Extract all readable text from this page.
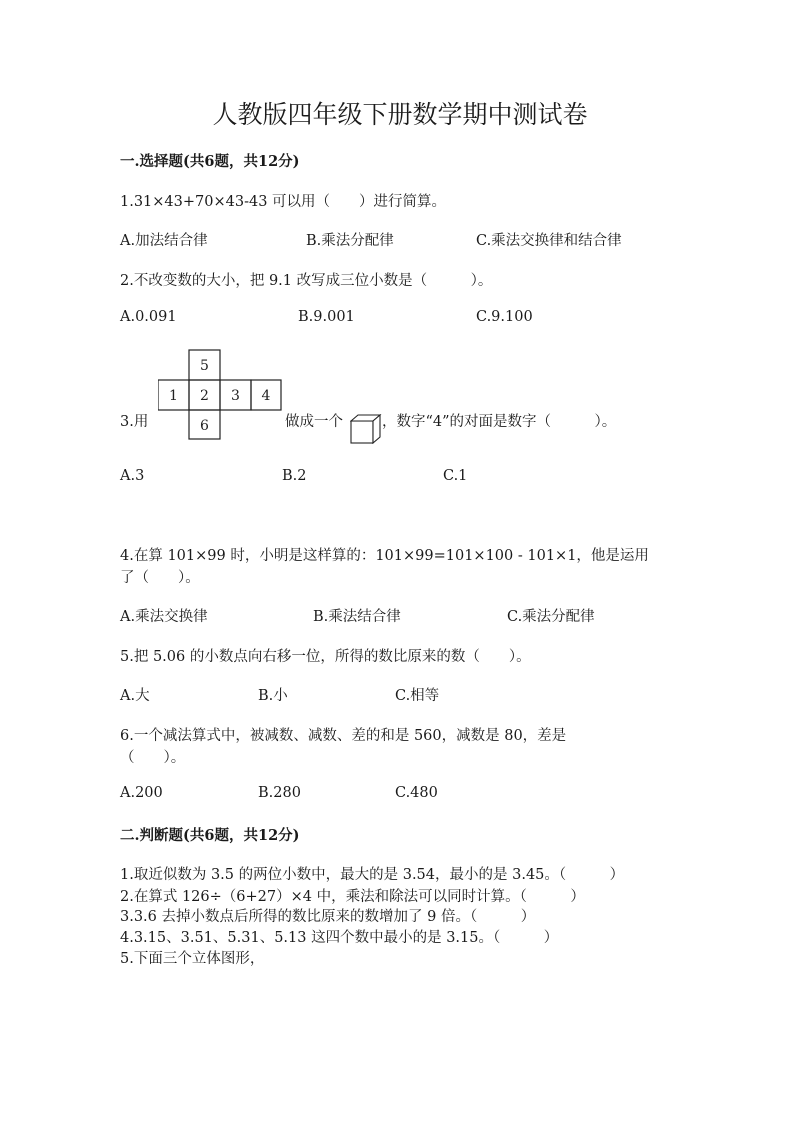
人教版四年级下册数学期中测试卷
一.选择题(共6题，共12分)
1.31×43+70×43-43 可以用（　　）进行简算。
A.加法结合律	B.乘法分配律	C.乘法交换律和结合律
2.不改变数的大小，把 9.1 改写成三位小数是（　　　）。
A.0.091	B.9.001	C.9.100
3.用
5
1 2 3 4
6	做成一个	，数字“4”的对面是数字（　　　）。
A.3	B.2	C.1
4.在算 101×99 时，小明是这样算的：101×99=101×100 - 101×1，他是运用
了（　　）。
A.乘法交换律	B.乘法结合律	C.乘法分配律
5.把 5.06 的小数点向右移一位，所得的数比原来的数（　　）。
A.大	B.小	C.相等
6.一个减法算式中，被减数、减数、差的和是 560，减数是 80，差是
（　　）。
A.200	B.280	C.480
二.判断题(共6题，共12分)
1.取近似数为 3.5 的两位小数中，最大的是 3.54，最小的是 3.45。（　　　）
2.在算式 126÷（6+27）×4 中，乘法和除法可以同时计算。（　　　）
3.3.6 去掉小数点后所得的数比原来的数增加了 9 倍。（　　　）
4.3.15、3.51、5.31、5.13 这四个数中最小的是 3.15。（　　　）
5.下面三个立体图形，
